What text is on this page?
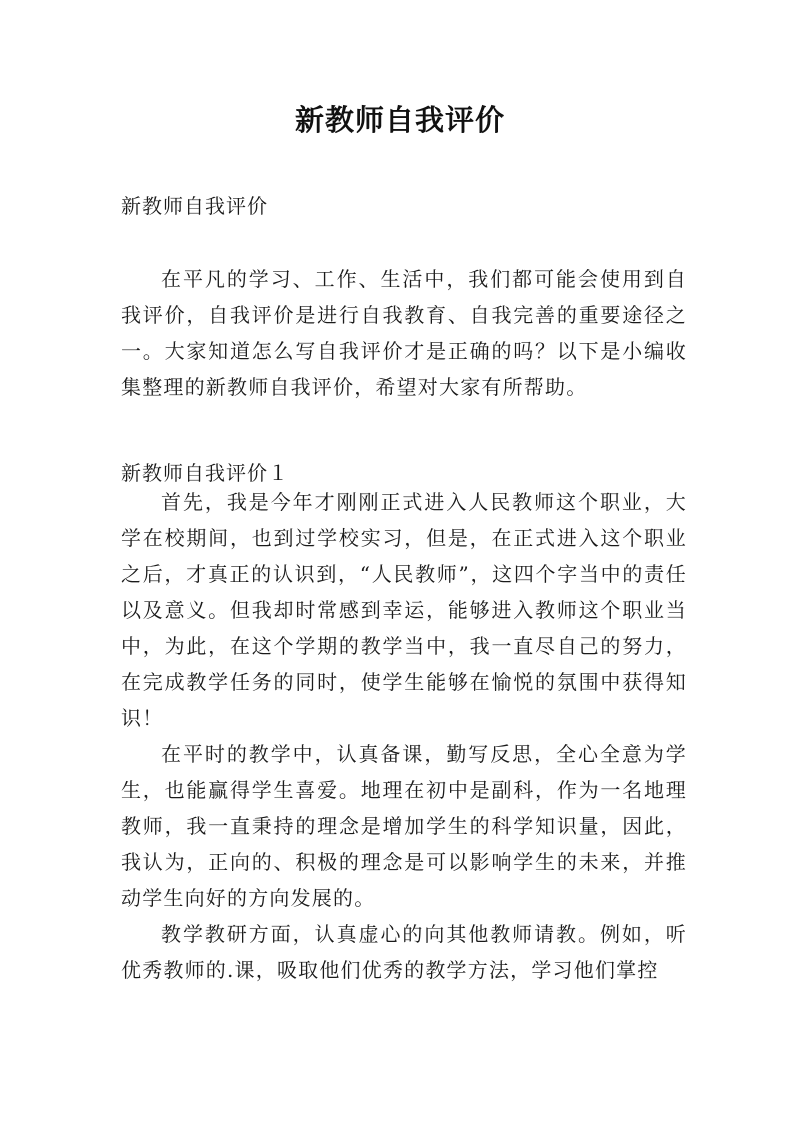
新教师自我评价
新教师自我评价

在平凡的学习、工作、生活中，我们都可能会使用到自我评价，自我评价是进行自我教育、自我完善的重要途径之一。大家知道怎么写自我评价才是正确的吗？以下是小编收集整理的新教师自我评价，希望对大家有所帮助。

新教师自我评价１

首先，我是今年才刚刚正式进入人民教师这个职业，大学在校期间，也到过学校实习，但是，在正式进入这个职业之后，才真正的认识到，“人民教师”，这四个字当中的责任以及意义。但我却时常感到幸运，能够进入教师这个职业当中，为此，在这个学期的教学当中，我一直尽自己的努力，在完成教学任务的同时，使学生能够在愉悦的氛围中获得知识！

在平时的教学中，认真备课，勤写反思，全心全意为学生，也能赢得学生喜爱。地理在初中是副科，作为一名地理教师，我一直秉持的理念是增加学生的科学知识量，因此，我认为，正向的、积极的理念是可以影响学生的未来，并推动学生向好的方向发展的。

教学教研方面，认真虚心的向其他教师请教。例如，听优秀教师的.课，吸取他们优秀的教学方法，学习他们掌控
